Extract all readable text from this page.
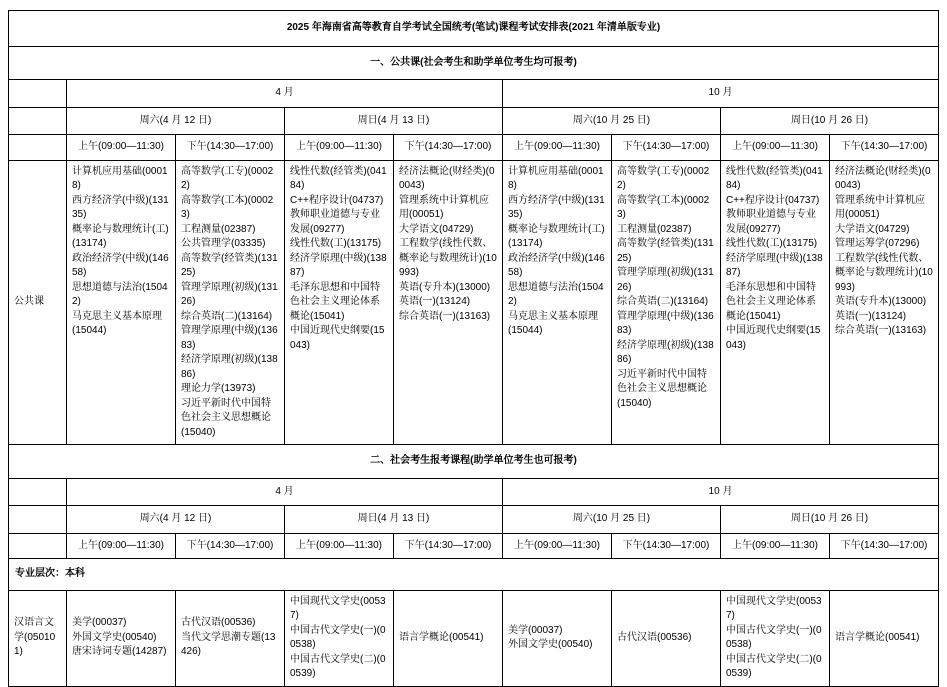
2025 年海南省高等教育自学考试全国统考(笔试)课程考试安排表(2021 年清单版专业)								
一、公共课(社会考生和助学单位考生均可报考)								
	4 月				10 月			
	周六(4 月 12 日)		周日(4 月 13 日)		周六(10 月 25 日)		周日(10 月 26 日)	
	上午(09:00—11:30)	下午(14:30—17:00)	上午(09:00—11:30)	下午(14:30—17:00)	上午(09:00—11:30)	下午(14:30—17:00)	上午(09:00—11:30)	下午(14:30—17:00)
公共课	计算机应用基础(00018)
西方经济学(中级)(13135)
概率论与数理统计(工)(13174)
政治经济学(中级)(14658)
思想道德与法治(15042)
马克思主义基本原理(15044)	高等数学(工专)(00022)
高等数学(工本)(00023)
工程测量(02387)
公共管理学(03335)
高等数学(经管类)(13125)
管理学原理(初级)(13126)
综合英语(二)(13164)
管理学原理(中级)(13683)
经济学原理(初级)(13886)
理论力学(13973)
习近平新时代中国特色社会主义思想概论(15040)	线性代数(经管类)(04184)
C++程序设计(04737)
教师职业道德与专业发展(09277)
线性代数(工)(13175)
经济学原理(中级)(13887)
毛泽东思想和中国特色社会主义理论体系概论(15041)
中国近现代史纲要(15043)	经济法概论(财经类)(00043)
管理系统中计算机应用(00051)
大学语文(04729)
工程数学(线性代数、概率论与数理统计)(10993)
英语(专升本)(13000)
英语(一)(13124)
综合英语(一)(13163)	计算机应用基础(00018)
西方经济学(中级)(13135)
概率论与数理统计(工)(13174)
政治经济学(中级)(14658)
思想道德与法治(15042)
马克思主义基本原理(15044)	高等数学(工专)(00022)
高等数学(工本)(00023)
工程测量(02387)
高等数学(经管类)(13125)
管理学原理(初级)(13126)
综合英语(二)(13164)
管理学原理(中级)(13683)
经济学原理(初级)(13886)
习近平新时代中国特色社会主义思想概论(15040)	线性代数(经管类)(04184)
C++程序设计(04737)
教师职业道德与专业发展(09277)
线性代数(工)(13175)
经济学原理(中级)(13887)
毛泽东思想和中国特色社会主义理论体系概论(15041)
中国近现代史纲要(15043)	经济法概论(财经类)(00043)
管理系统中计算机应用(00051)
大学语文(04729)
管理运筹学(07296)
工程数学(线性代数、概率论与数理统计)(10993)
英语(专升本)(13000)
英语(一)(13124)
综合英语(一)(13163)
二、社会考生报考课程(助学单位考生也可报考)								
	4 月				10 月			
	周六(4 月 12 日)		周日(4 月 13 日)		周六(10 月 25 日)		周日(10 月 26 日)	
	上午(09:00—11:30)	下午(14:30—17:00)	上午(09:00—11:30)	下午(14:30—17:00)	上午(09:00—11:30)	下午(14:30—17:00)	上午(09:00—11:30)	下午(14:30—17:00)
专业层次：本科								
汉语言文学(050101)	美学(00037)
外国文学史(00540)
唐宋诗词专题(14287)	古代汉语(00536)
当代文学思潮专题(13426)	中国现代文学史(00537)
中国古代文学史(一)(00538)
中国古代文学史(二)(00539)	语言学概论(00541)	美学(00037)
外国文学史(00540)	古代汉语(00536)	中国现代文学史(00537)
中国古代文学史(一)(00538)
中国古代文学史(二)(00539)	语言学概论(00541)
